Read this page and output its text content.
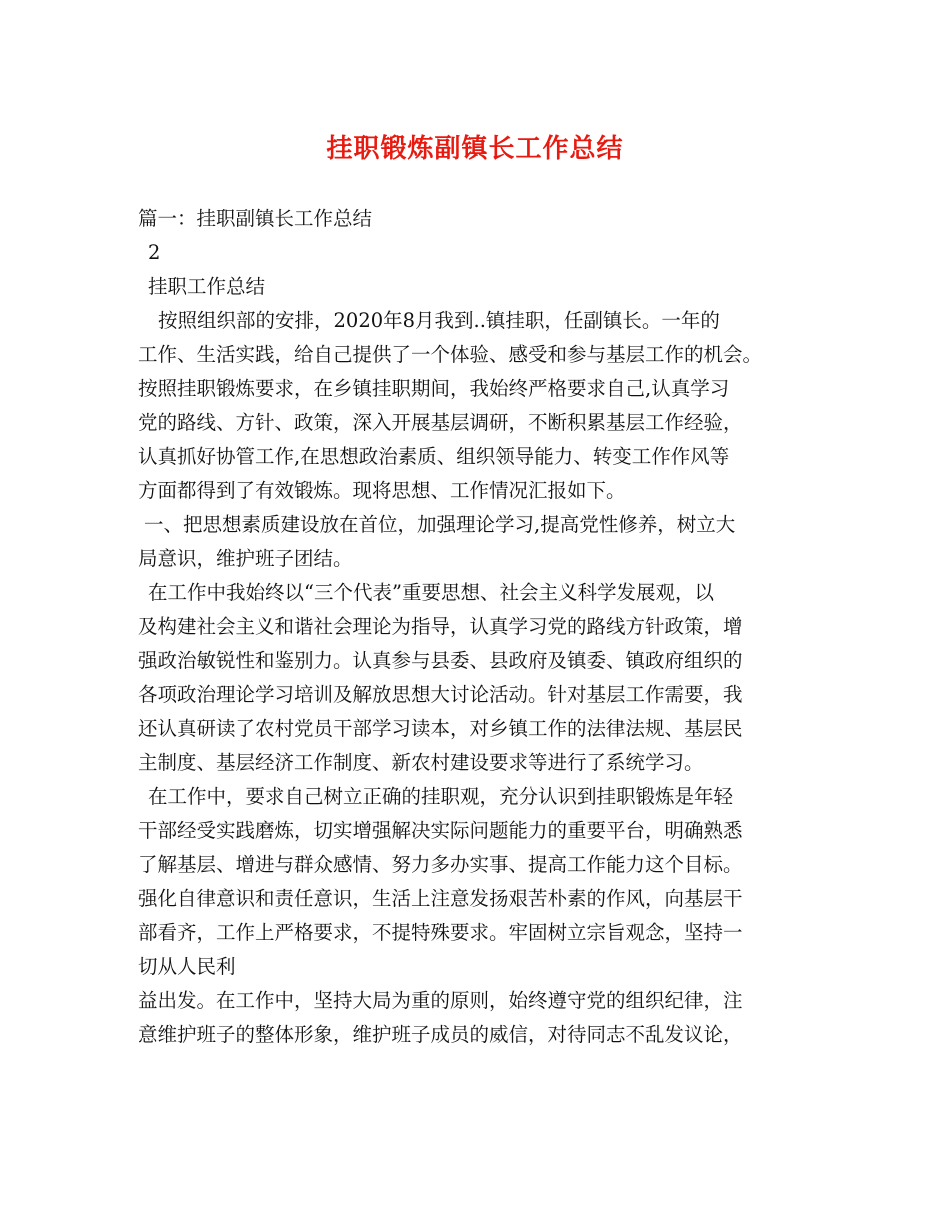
挂职锻炼副镇长工作总结

篇一：挂职副镇长工作总结

2

挂职工作总结

按照组织部的安排，2020年8月我到..镇挂职，任副镇长。一年的

工作、生活实践，给自己提供了一个体验、感受和参与基层工作的机会。

按照挂职锻炼要求，在乡镇挂职期间，我始终严格要求自己,认真学习

党的路线、方针、政策，深入开展基层调研，不断积累基层工作经验，

认真抓好协管工作,在思想政治素质、组织领导能力、转变工作作风等

方面都得到了有效锻炼。现将思想、工作情况汇报如下。

一、把思想素质建设放在首位，加强理论学习,提高党性修养，树立大

局意识，维护班子团结。

在工作中我始终以“三个代表”重要思想、社会主义科学发展观，以

及构建社会主义和谐社会理论为指导，认真学习党的路线方针政策，增

强政治敏锐性和鉴别力。认真参与县委、县政府及镇委、镇政府组织的

各项政治理论学习培训及解放思想大讨论活动。针对基层工作需要，我

还认真研读了农村党员干部学习读本，对乡镇工作的法律法规、基层民

主制度、基层经济工作制度、新农村建设要求等进行了系统学习。

在工作中，要求自己树立正确的挂职观，充分认识到挂职锻炼是年轻

干部经受实践磨炼，切实增强解决实际问题能力的重要平台，明确熟悉

了解基层、增进与群众感情、努力多办实事、提高工作能力这个目标。

强化自律意识和责任意识，生活上注意发扬艰苦朴素的作风，向基层干

部看齐，工作上严格要求，不提特殊要求。牢固树立宗旨观念，坚持一

切从人民利

益出发。在工作中，坚持大局为重的原则，始终遵守党的组织纪律，注

意维护班子的整体形象，维护班子成员的威信，对待同志不乱发议论，
